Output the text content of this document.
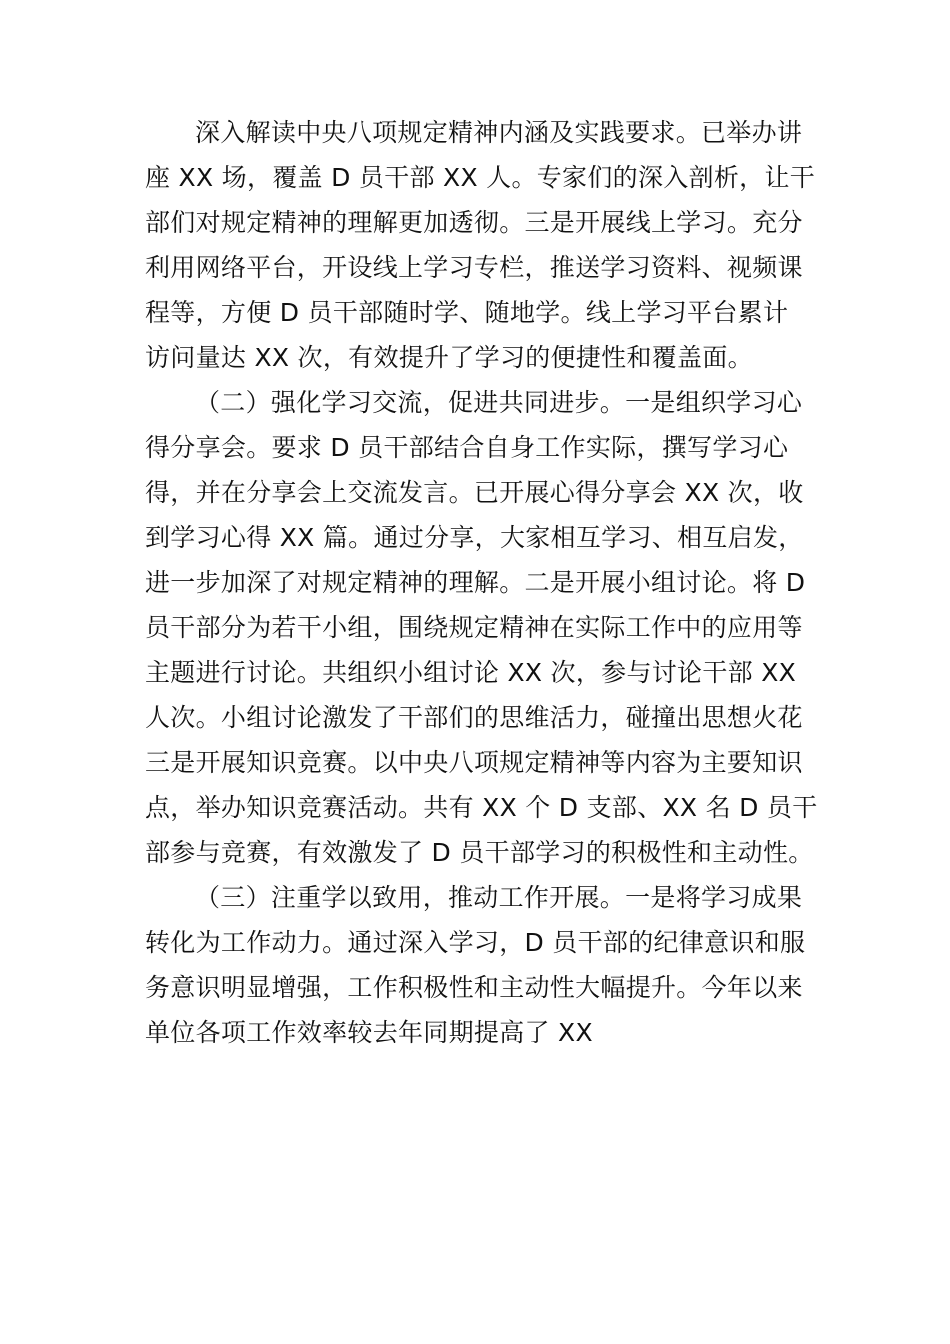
深入解读中央八项规定精神内涵及实践要求。已举办讲
座 XX 场，覆盖 D 员干部 XX 人。专家们的深入剖析，让干
部们对规定精神的理解更加透彻。三是开展线上学习。充分
利用网络平台，开设线上学习专栏，推送学习资料、视频课
程等，方便 D 员干部随时学、随地学。线上学习平台累计
访问量达 XX 次，有效提升了学习的便捷性和覆盖面。
（二）强化学习交流，促进共同进步。一是组织学习心
得分享会。要求 D 员干部结合自身工作实际，撰写学习心
得，并在分享会上交流发言。已开展心得分享会 XX 次，收
到学习心得 XX 篇。通过分享，大家相互学习、相互启发，
进一步加深了对规定精神的理解。二是开展小组讨论。将 D
员干部分为若干小组，围绕规定精神在实际工作中的应用等
主题进行讨论。共组织小组讨论 XX 次，参与讨论干部 XX
人次。小组讨论激发了干部们的思维活力，碰撞出思想火花
三是开展知识竞赛。以中央八项规定精神等内容为主要知识
点，举办知识竞赛活动。共有 XX 个 D 支部、XX 名 D 员干
部参与竞赛，有效激发了 D 员干部学习的积极性和主动性。
（三）注重学以致用，推动工作开展。一是将学习成果
转化为工作动力。通过深入学习，D 员干部的纪律意识和服
务意识明显增强，工作积极性和主动性大幅提升。今年以来
单位各项工作效率较去年同期提高了 XX
